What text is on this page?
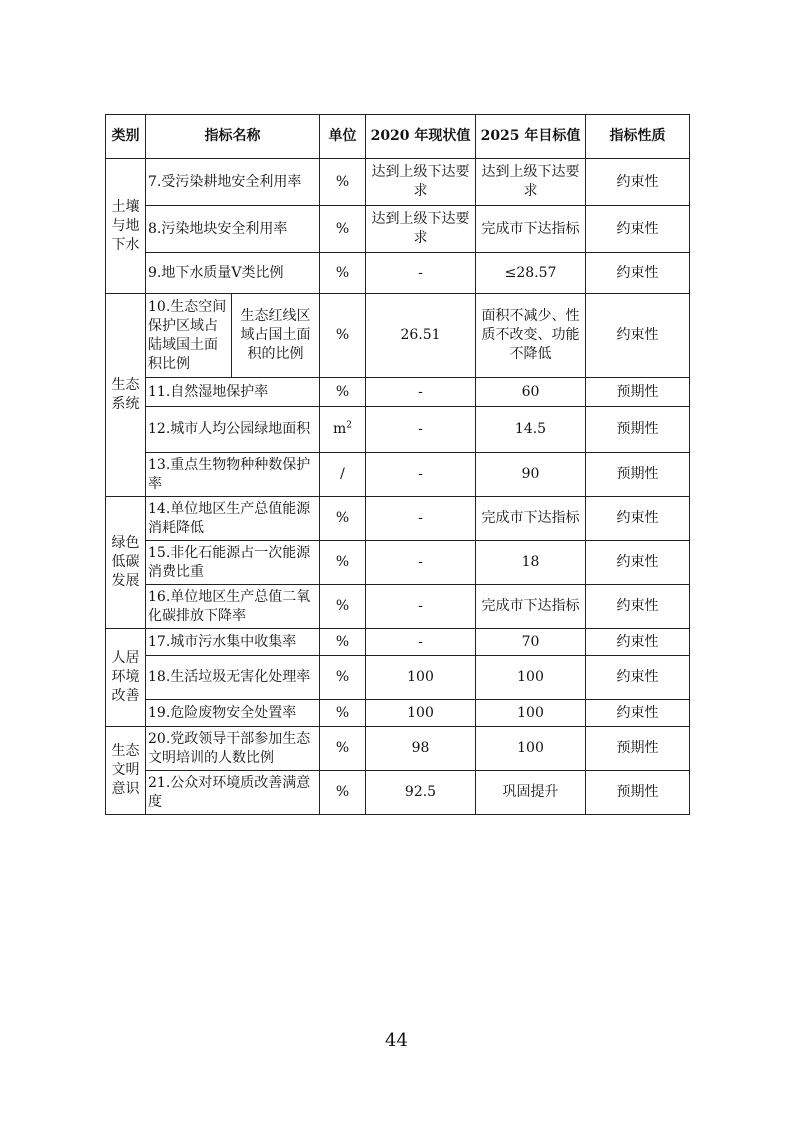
类别	指标名称		单位	2020 年现状值	2025 年目标值	指标性质
土壤与地下水	7.受污染耕地安全利用率		%	达到上级下达要求	达到上级下达要求	约束性
	8.污染地块安全利用率		%	达到上级下达要求	完成市下达指标	约束性
	9.地下水质量V类比例		%	-	≤28.57	约束性
生态系统	10.生态空间保护区域占陆域国土面积比例	生态红线区域占国土面积的比例	%	26.51	面积不减少、性质不改变、功能不降低	约束性
	11.自然湿地保护率		%	-	60	预期性
	12.城市人均公园绿地面积		$m^2$	-	14.5	预期性
	13.重点生物物种种数保护率		/	-	90	预期性
绿色低碳发展	14.单位地区生产总值能源消耗降低		%	-	完成市下达指标	约束性
	15.非化石能源占一次能源消费比重		%	-	18	约束性
	16.单位地区生产总值二氧化碳排放下降率		%	-	完成市下达指标	约束性
人居环境改善	17.城市污水集中收集率		%	-	70	约束性
	18.生活垃圾无害化处理率		%	100	100	约束性
	19.危险废物安全处置率		%	100	100	约束性
生态文明意识	20.党政领导干部参加生态文明培训的人数比例		%	98	100	预期性
	21.公众对环境质改善满意度		%	92.5	巩固提升	预期性
44
